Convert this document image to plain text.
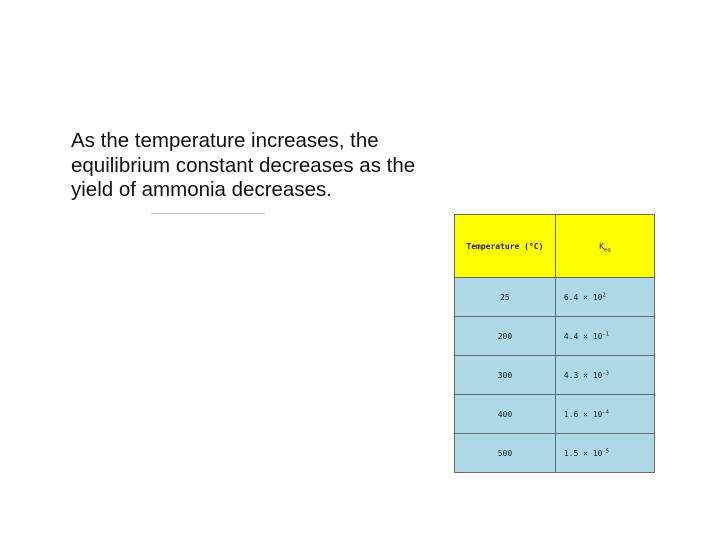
As the temperature increases, the
equilibrium constant decreases as the
yield of ammonia decreases.

Temperature (°C)	$K_{eq}$
25	$6.4 \times 10^2$
200	$4.4 \times 10^{-1}$
300	$4.3 \times 10^{-3}$
400	$1.6 \times 10^{-4}$
500	$1.5 \times 10^{-5}$
